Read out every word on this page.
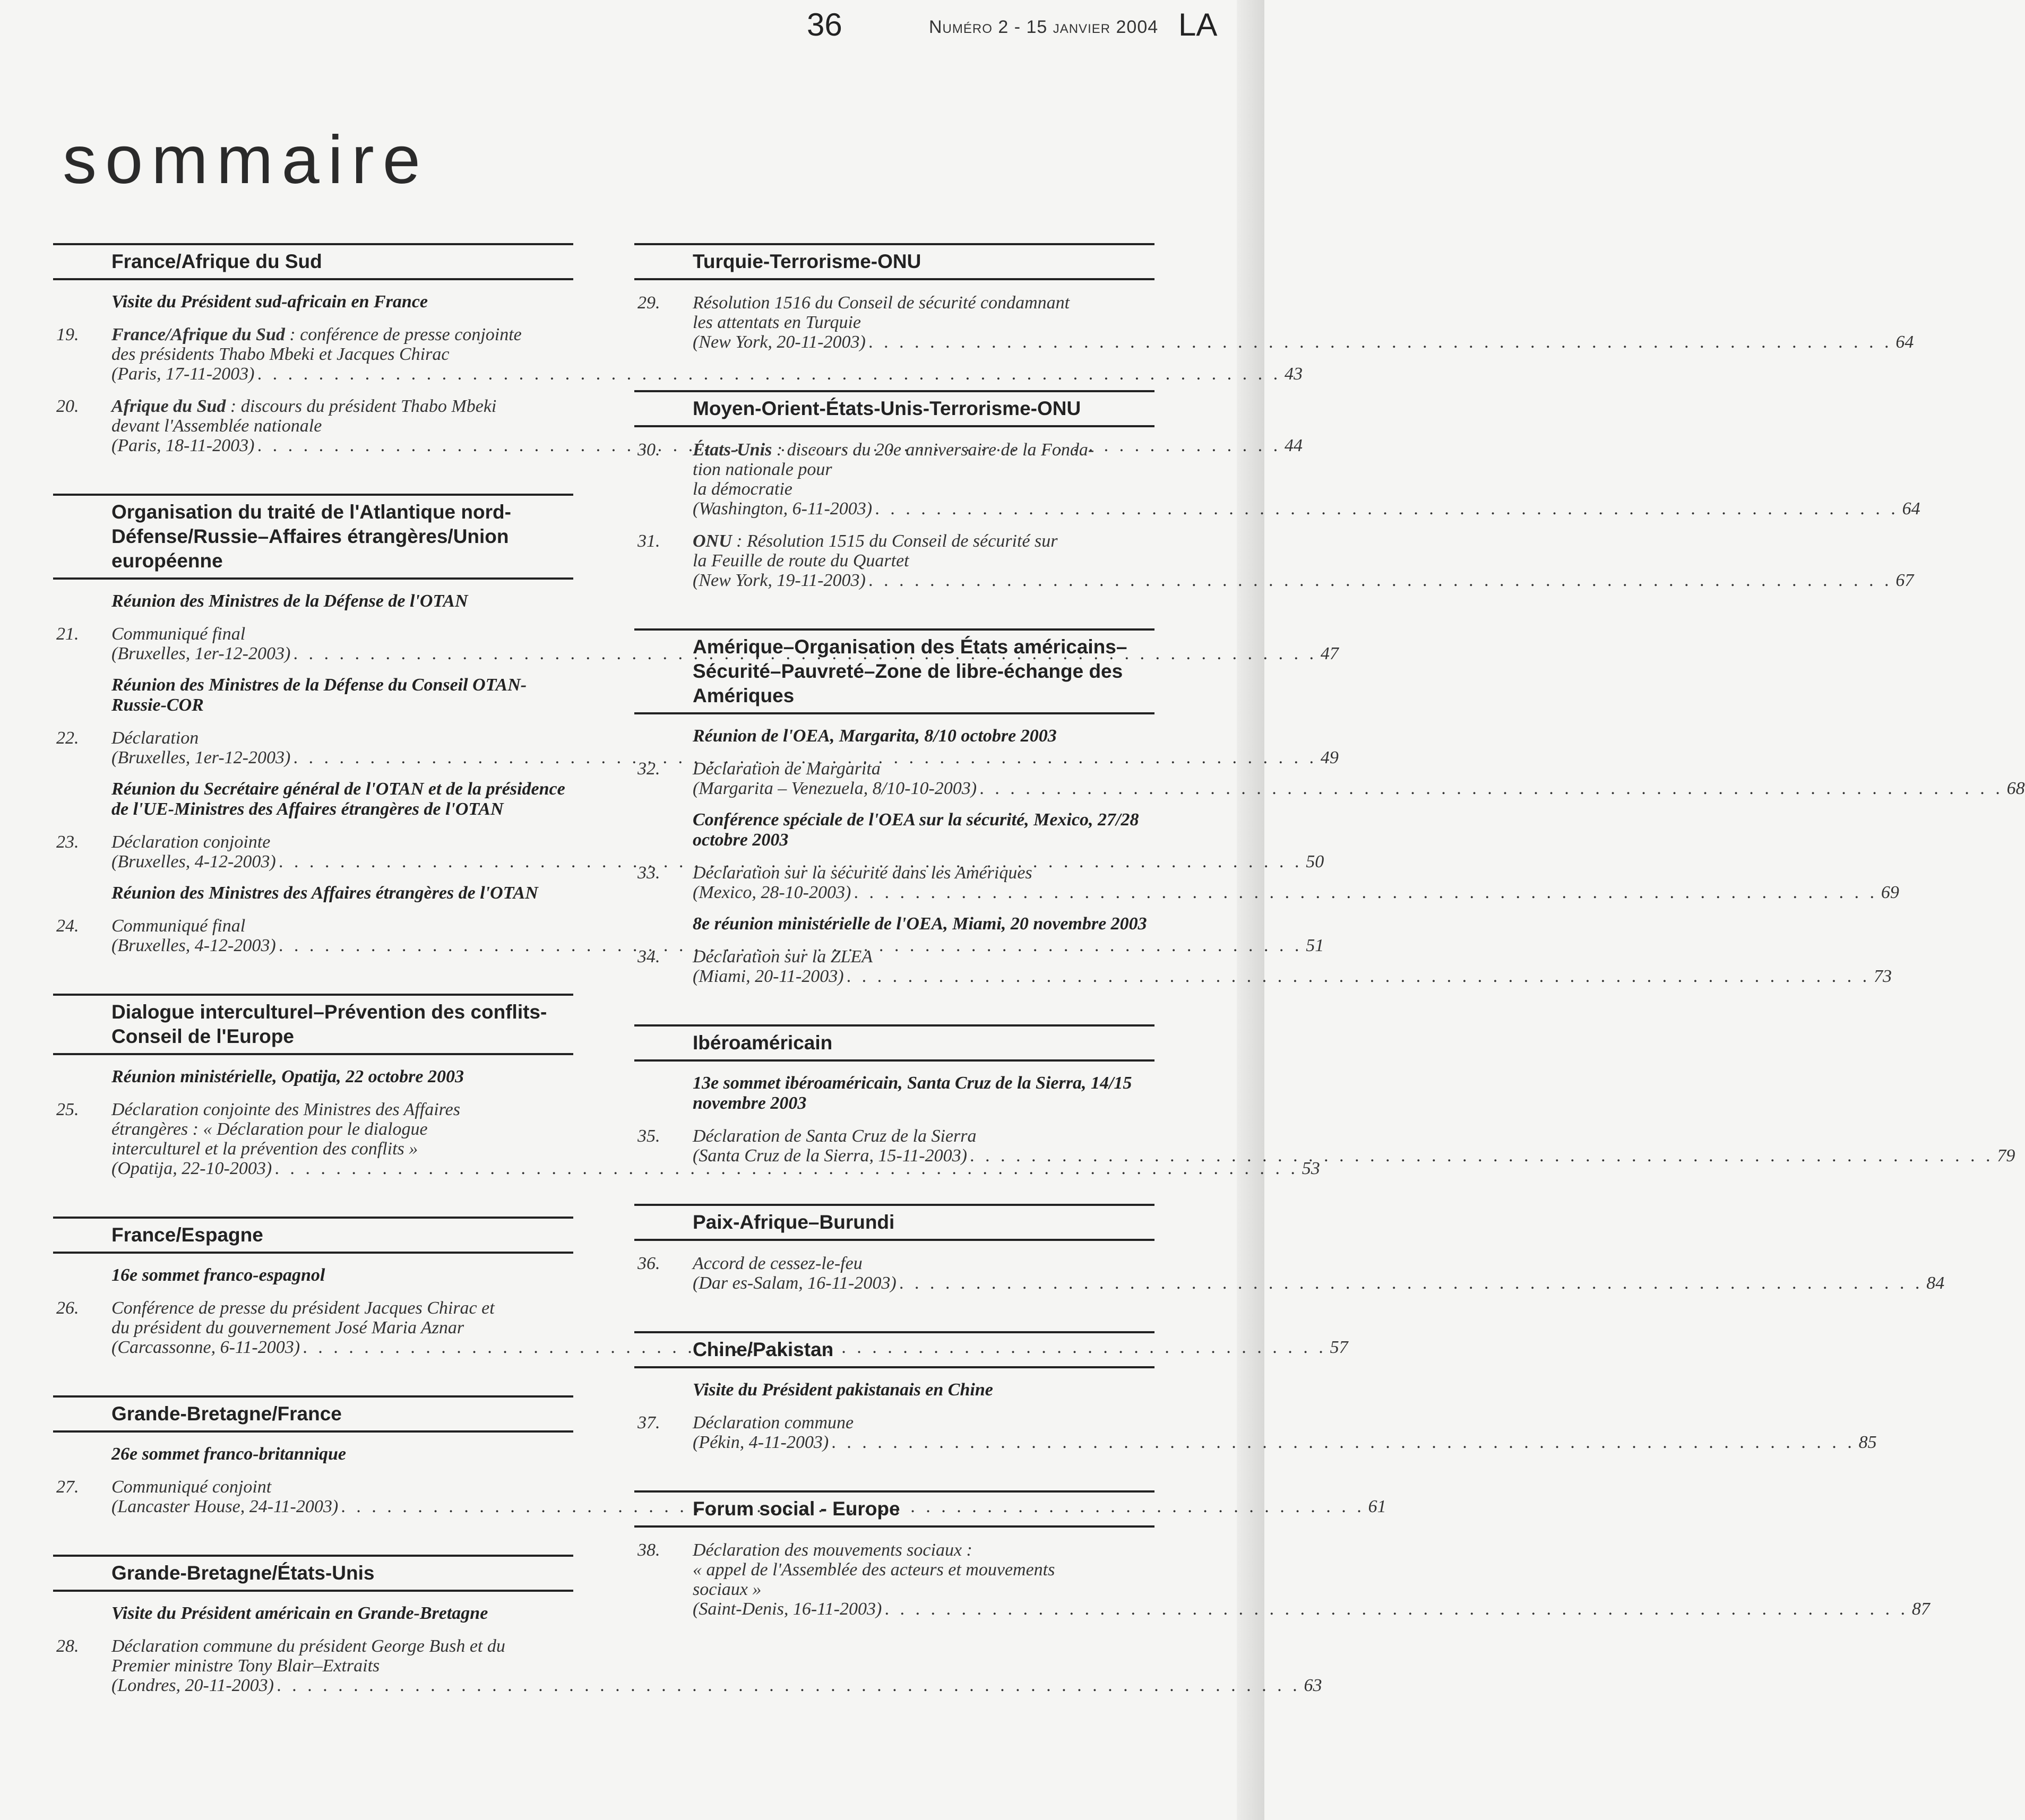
36	Numéro 2 - 15 janvier 2004 LA
sommaire
France/Afrique du Sud
Visite du Président sud-africain en France
19. France/Afrique du Sud : conférence de presse conjointe
des présidents Thabo Mbeki et Jacques Chirac
(Paris, 17-11-2003) . . .	43
20. Afrique du Sud : discours du président Thabo Mbeki
devant l'Assemblée nationale
(Paris, 18-11-2003) . . .	44
Organisation du traité de l'Atlantique nord-Défense/Russie–Affaires étrangères/Union européenne
Réunion des Ministres de la Défense de l'OTAN
21. Communiqué final
(Bruxelles, 1er-12-2003) . . .	47
Réunion des Ministres de la Défense du Conseil OTAN-Russie-COR
22. Déclaration
(Bruxelles, 1er-12-2003) . . .	49
Réunion du Secrétaire général de l'OTAN et de la présidence de l'UE-Ministres des Affaires étrangères de l'OTAN
23. Déclaration conjointe
(Bruxelles, 4-12-2003) . . .	50
Réunion des Ministres des Affaires étrangères de l'OTAN
24. Communiqué final
(Bruxelles, 4-12-2003) . . .	51
Dialogue interculturel–Prévention des conflits-Conseil de l'Europe
Réunion ministérielle, Opatija, 22 octobre 2003
25. Déclaration conjointe des Ministres des Affaires
étrangères : « Déclaration pour le dialogue
interculturel et la prévention des conflits »
(Opatija, 22-10-2003) . . .	53
France/Espagne
16e sommet franco-espagnol
26. Conférence de presse du président Jacques Chirac et
du président du gouvernement José Maria Aznar
(Carcassonne, 6-11-2003) . . .	57
Grande-Bretagne/France
26e sommet franco-britannique
27. Communiqué conjoint
(Lancaster House, 24-11-2003) . . .	61
Grande-Bretagne/États-Unis
Visite du Président américain en Grande-Bretagne
28. Déclaration commune du président George Bush et du
Premier ministre Tony Blair–Extraits
(Londres, 20-11-2003) . . .	63
Turquie-Terrorisme-ONU
29. Résolution 1516 du Conseil de sécurité condamnant
les attentats en Turquie
(New York, 20-11-2003) . . .	64
Moyen-Orient-États-Unis-Terrorisme-ONU
30. États-Unis : discours du 20e anniversaire de la Fonda-
tion nationale pour
la démocratie
(Washington, 6-11-2003) . . .	64
31. ONU : Résolution 1515 du Conseil de sécurité sur
la Feuille de route du Quartet
(New York, 19-11-2003) . . .	67
Amérique–Organisation des États américains–Sécurité–Pauvreté–Zone de libre-échange des Amériques
Réunion de l'OEA, Margarita, 8/10 octobre 2003
32. Déclaration de Margarita
(Margarita – Venezuela, 8/10-10-2003) . . .	68
Conférence spéciale de l'OEA sur la sécurité, Mexico, 27/28 octobre 2003
33. Déclaration sur la sécurité dans les Amériques
(Mexico, 28-10-2003) . . .	69
8e réunion ministérielle de l'OEA, Miami, 20 novembre 2003
34. Déclaration sur la ZLEA
(Miami, 20-11-2003) . . .	73
Ibéroaméricain
13e sommet ibéroaméricain, Santa Cruz de la Sierra, 14/15 novembre 2003
35. Déclaration de Santa Cruz de la Sierra
(Santa Cruz de la Sierra, 15-11-2003) . . .	79
Paix-Afrique–Burundi
36. Accord de cessez-le-feu
(Dar es-Salam, 16-11-2003) . . .	84
Chine/Pakistan
Visite du Président pakistanais en Chine
37. Déclaration commune
(Pékin, 4-11-2003) . . .	85
Forum social - Europe
38. Déclaration des mouvements sociaux :
« appel de l'Assemblée des acteurs et mouvements
sociaux »
(Saint-Denis, 16-11-2003) . . .	87
